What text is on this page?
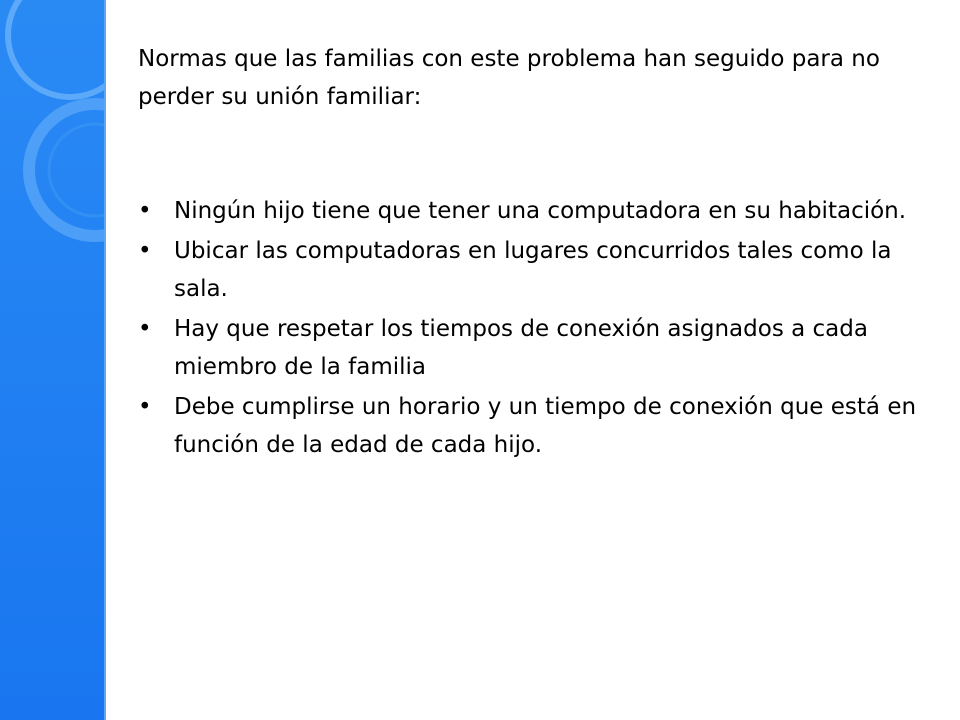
Normas que las familias con este problema han seguido para no perder su unión familiar:

• Ningún hijo tiene que tener una computadora en su habitación.
• Ubicar las computadoras en lugares concurridos tales como la sala.
• Hay que respetar los tiempos de conexión asignados a cada miembro de la familia
• Debe cumplirse un horario y un tiempo de conexión que está en función de la edad de cada hijo.
